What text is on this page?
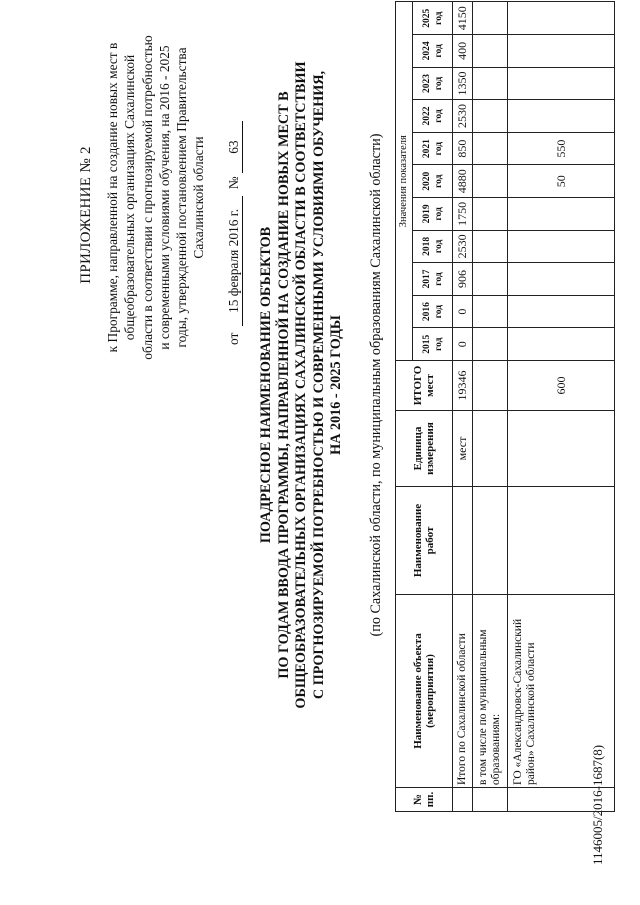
ПРИЛОЖЕНИЕ № 2 к Программе, направленной на создание новых мест в общеобразовательных организациях Сахалинской области в соответствии с прогнозируемой потребностью и современными условиями обучения, на 2016 - 2025 годы, утвержденной постановлением Правительства Сахалинской области
от  15 февраля 2016 г.  № 63
ПОАДРЕСНОЕ НАИМЕНОВАНИЕ ОБЪЕКТОВ ПО ГОДАМ ВВОДА ПРОГРАММЫ, НАПРАВЛЕННОЙ НА СОЗДАНИЕ НОВЫХ МЕСТ В ОБЩЕОБРАЗОВАТЕЛЬНЫХ ОРГАНИЗАЦИЯХ САХАЛИНСКОЙ ОБЛАСТИ В СООТВЕТСТВИИ С ПРОГНОЗИРУЕМОЙ ПОТРЕБНОСТЬЮ И СОВРЕМЕННЫМИ УСЛОВИЯМИ ОБУЧЕНИЯ, НА 2016 - 2025 ГОДЫ (по Сахалинской области, по муниципальным образованиям Сахалинской области)
1146005/2016-1687(8)
№ пп.	Наименование объекта (мероприятия)	Наименование работ	Единица измерения	ИТОГО мест	Значения показателя										
					2015 год	2016 год	2017 год	2018 год	2019 год	2020 год	2021 год	2022 год	2023 год	2024 год	2025 год
	Итого по Сахалинской области		мест	19346	0	0	906	2530	1750	4880	850	2530	1350	400	4150
	в том числе по муниципальным образованиям:														
	ГО «Александровск-Сахалинский район» Сахалинской области			600						50	550				
